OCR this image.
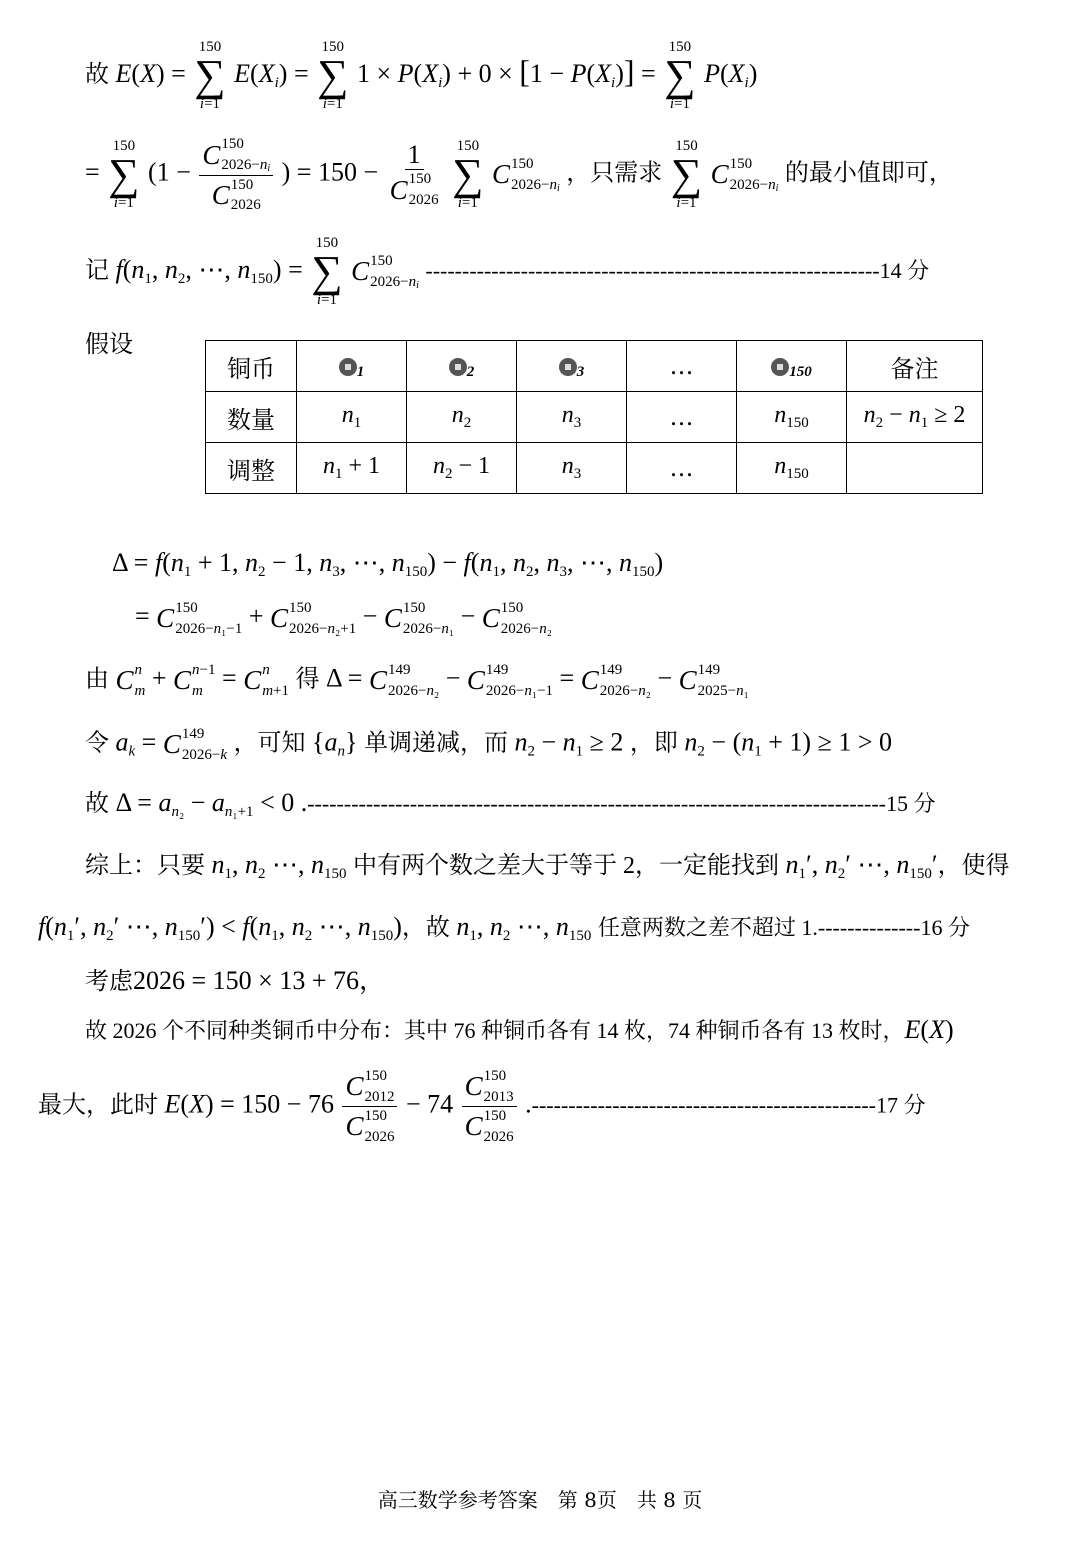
故 E(X) =
150
∑
i=1
$E(X_i)$ =
150
∑
i=1
$1 \times P(X_i) + 0 \times [1 - P(X_i)]$ =
150
∑
i=1
$P(X_i)$
=
150
∑
i=1
(1 − C 150
$2026-n_i$
C 150
2026 ) = 150 − 1
C 150
2026
150
∑
i=1

C 150
$2026-n_i$
，只需求
150
∑
i=1

C 150
$2026-n_i$
的最小值即可，
记 $f(n_1$, $n_2$, ⋯, $n_{150}$) =
150
∑
i=1

C 150
$2026-n_i$
--------------------------------------------------------------14 分
假设
铜币	1	2	3	…	150	备注
数量	$n_1$	$n_2$	$n_3$	…	$n_{150}$	$n_2 - n_1 \ge 2$
调整	$n_1 + 1$	$n_2 - 1$	$n_3$	…	$n_{150}$	
$\Delta = f(n_1 + 1$, $n_2 - 1$, $n_3$, ⋯, $n_{150}) - f(n_1$, $n_2$, $n_3$, ⋯, $n_{150}$)
= C 150
2026−n₁−1 + C 150
2026−n₂+1 − C 150
2026−n₁ − C 150
2026−n₂
由 C n
m + C n−1
m = C n
m+1 得 Δ = C 149
2026−n₂ − C 149
2026−n₁−1 = C 149
2026−n₂ − C 149
2025−n₁
令 $a_k = C$ 149
2026−k ，可知 $\{a_n\}$ 单调递减，而 $n_2 - n_1 \ge 2$ ，即 $n_2 - (n_1 + 1) \ge 1 > 0$
故 $\Delta = a_{n_2} - a_{n_1+1} < 0$ .-------------------------------------------------------------------------------15 分
综上：只要 $n_1$, $n_2$ ⋯, $n_{150}$ 中有两个数之差大于等于 2，一定能找到 $n_1'$, $n_2'$ ⋯, $n_{150}'$，使得
$f(n_1'$, $n_2'$ ⋯, $n_{150}') < f(n_1$, $n_2$ ⋯, $n_{150}$)，故 $n_1$, $n_2$ ⋯, $n_{150}$ 任意两数之差不超过 1.--------------16 分
考虑2026 = 150 × 13 + 76，
故 2026 个不同种类铜币中分布：其中 76 种铜币各有 14 枚，74 种铜币各有 13 枚时，E(X)
最大，此时 E(X) = 150 − 76 C 150
2012
C 150
2026 − 74 C 150
2013
C 150
2026 .-----------------------------------------------17 分
高三数学参考答案　第 8页　共 8 页
